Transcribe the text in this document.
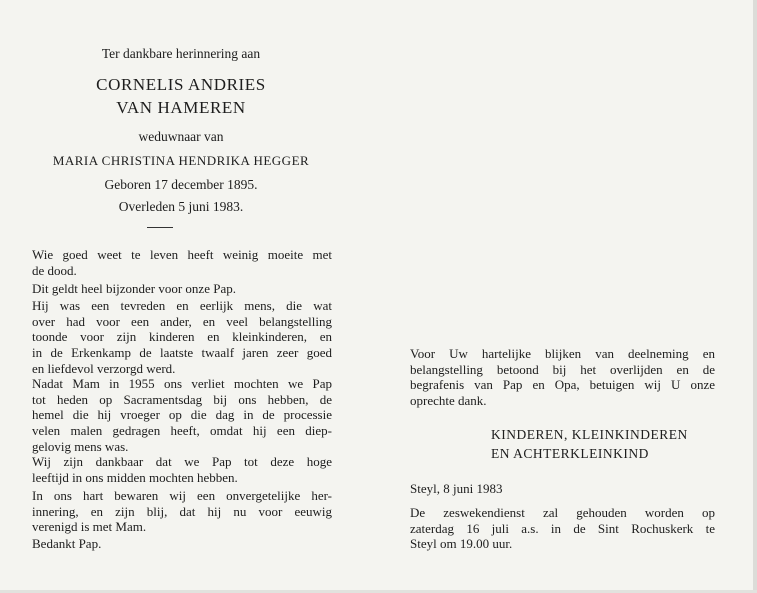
Ter dankbare herinnering aan
CORNELIS ANDRIES
VAN HAMEREN
weduwnaar van
MARIA CHRISTINA HENDRIKA HEGGER
Geboren 17 december 1895.
Overleden 5 juni 1983.
Wie goed weet te leven heeft weinig moeite met
de dood.
Dit geldt heel bijzonder voor onze Pap.
Hij was een tevreden en eerlijk mens, die wat
over had voor een ander, en veel belangstelling
toonde voor zijn kinderen en kleinkinderen, en
in de Erkenkamp de laatste twaalf jaren zeer goed
en liefdevol verzorgd werd.
Nadat Mam in 1955 ons verliet mochten we Pap
tot heden op Sacramentsdag bij ons hebben, de
hemel die hij vroeger op die dag in de processie
velen malen gedragen heeft, omdat hij een diep-
gelovig mens was.
Wij zijn dankbaar dat we Pap tot deze hoge
leeftijd in ons midden mochten hebben.
In ons hart bewaren wij een onvergetelijke her-
innering, en zijn blij, dat hij nu voor eeuwig
verenigd is met Mam.
Bedankt Pap.
Voor Uw hartelijke blijken van deelneming en
belangstelling betoond bij het overlijden en de
begrafenis van Pap en Opa, betuigen wij U onze
oprechte dank.
KINDEREN, KLEINKINDEREN
EN ACHTERKLEINKIND
Steyl, 8 juni 1983
De zeswekendienst zal gehouden worden op
zaterdag 16 juli a.s. in de Sint Rochuskerk te
Steyl om 19.00 uur.
